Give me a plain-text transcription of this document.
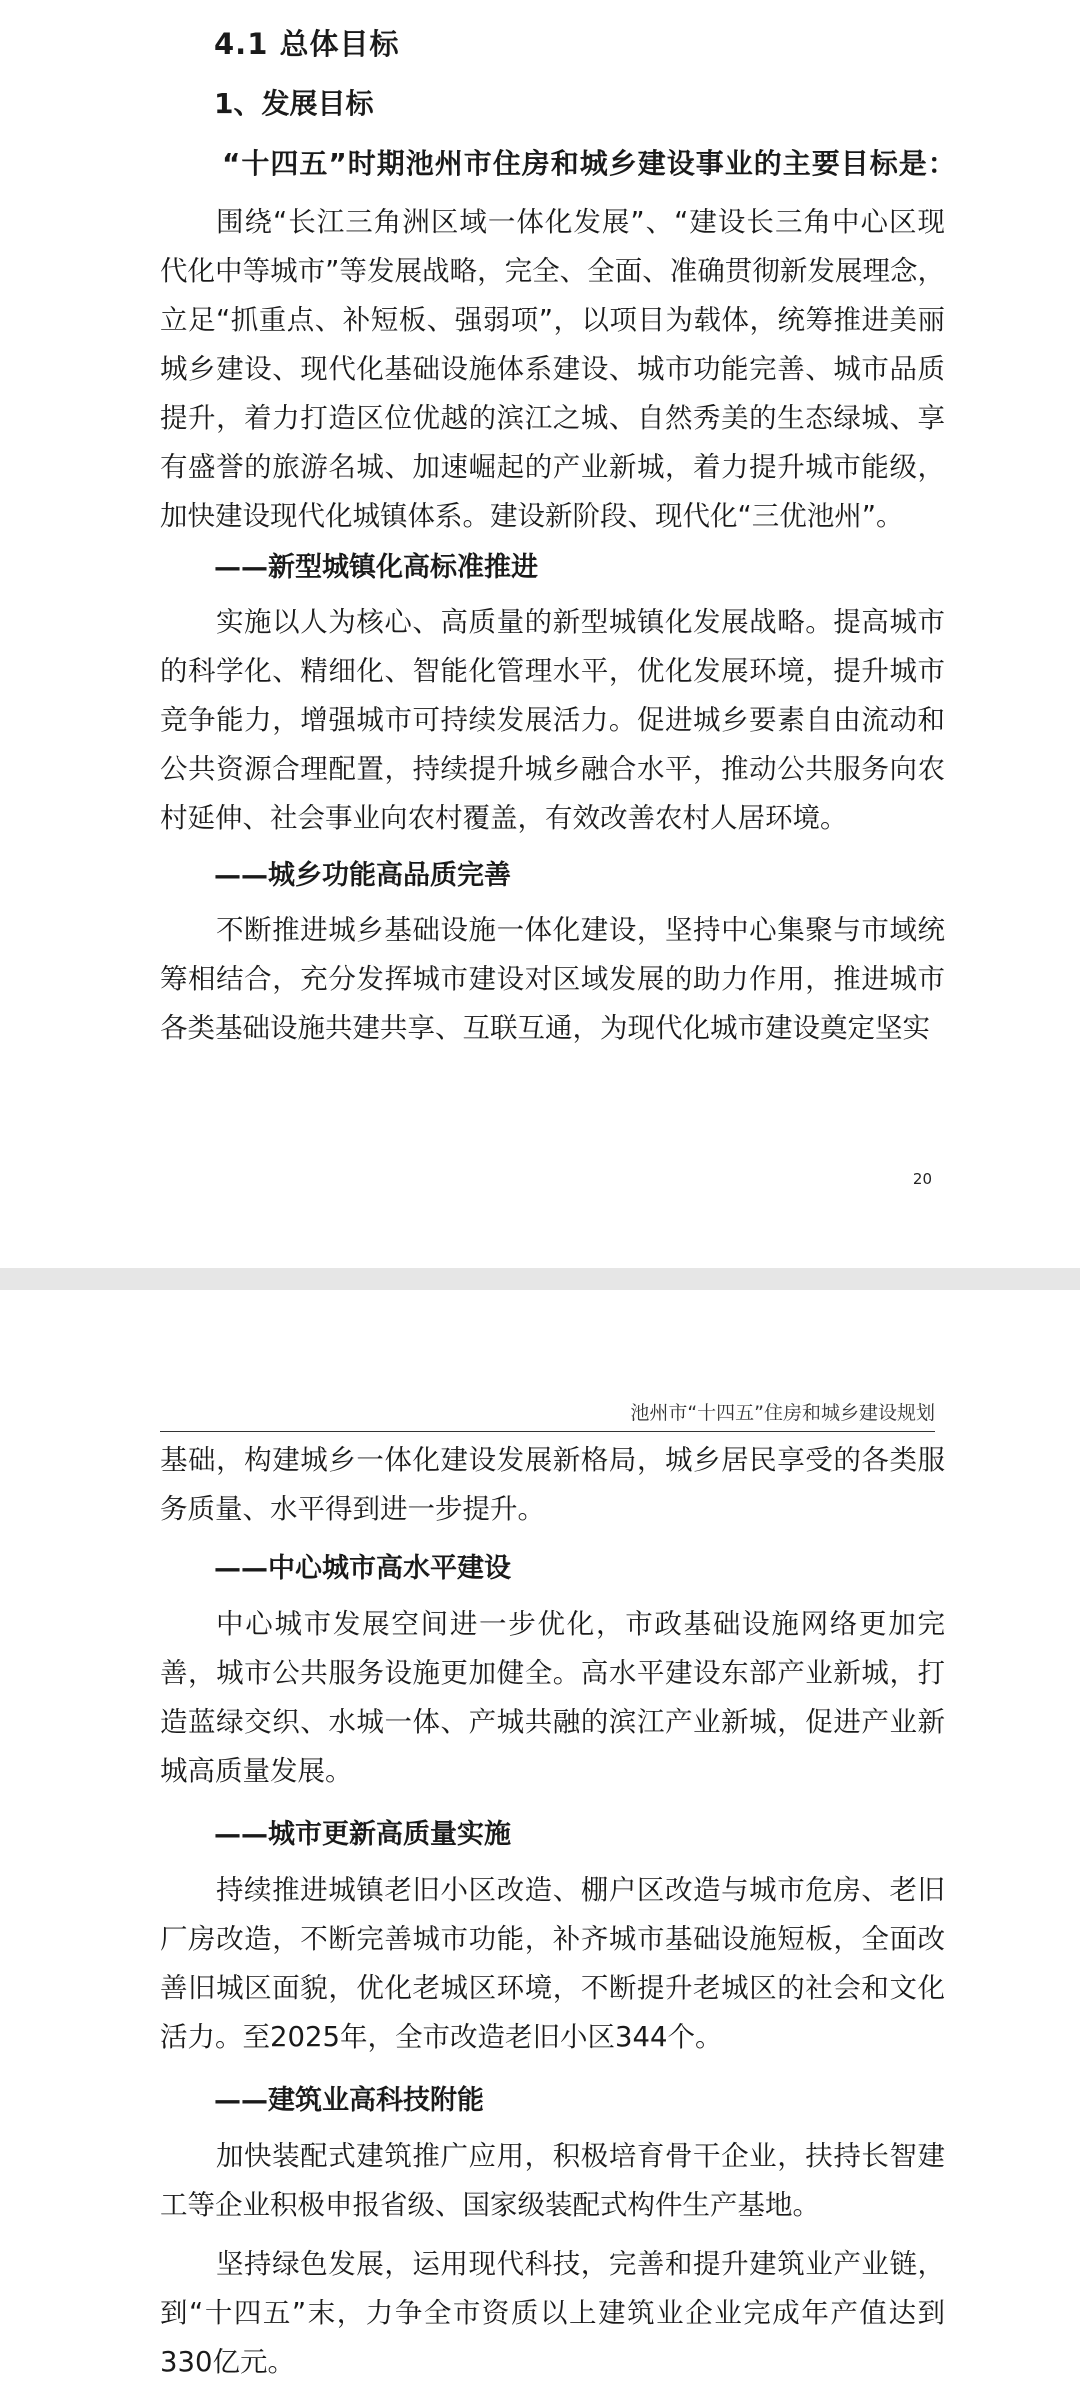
4.1 总体目标
1、发展目标
“十四五”时期池州市住房和城乡建设事业的主要目标是：
围绕“长江三角洲区域一体化发展”、“建设长三角中心区现代化中等城市”等发展战略，完全、全面、准确贯彻新发展理念，立足“抓重点、补短板、强弱项”，以项目为载体，统筹推进美丽城乡建设、现代化基础设施体系建设、城市功能完善、城市品质提升，着力打造区位优越的滨江之城、自然秀美的生态绿城、享有盛誉的旅游名城、加速崛起的产业新城，着力提升城市能级，加快建设现代化城镇体系。建设新阶段、现代化“三优池州”。
——新型城镇化高标准推进
实施以人为核心、高质量的新型城镇化发展战略。提高城市的科学化、精细化、智能化管理水平，优化发展环境，提升城市竞争能力，增强城市可持续发展活力。促进城乡要素自由流动和公共资源合理配置，持续提升城乡融合水平，推动公共服务向农村延伸、社会事业向农村覆盖，有效改善农村人居环境。
——城乡功能高品质完善
不断推进城乡基础设施一体化建设，坚持中心集聚与市域统筹相结合，充分发挥城市建设对区域发展的助力作用，推进城市各类基础设施共建共享、互联互通，为现代化城市建设奠定坚实
20
池州市“十四五”住房和城乡建设规划
基础，构建城乡一体化建设发展新格局，城乡居民享受的各类服务质量、水平得到进一步提升。
——中心城市高水平建设
中心城市发展空间进一步优化，市政基础设施网络更加完善，城市公共服务设施更加健全。高水平建设东部产业新城，打造蓝绿交织、水城一体、产城共融的滨江产业新城，促进产业新城高质量发展。
——城市更新高质量实施
持续推进城镇老旧小区改造、棚户区改造与城市危房、老旧厂房改造，不断完善城市功能，补齐城市基础设施短板，全面改善旧城区面貌，优化老城区环境，不断提升老城区的社会和文化活力。至2025年，全市改造老旧小区344个。
——建筑业高科技附能
加快装配式建筑推广应用，积极培育骨干企业，扶持长智建工等企业积极申报省级、国家级装配式构件生产基地。
坚持绿色发展，运用现代科技，完善和提升建筑业产业链，到“十四五”末，力争全市资质以上建筑业企业完成年产值达到330亿元。
